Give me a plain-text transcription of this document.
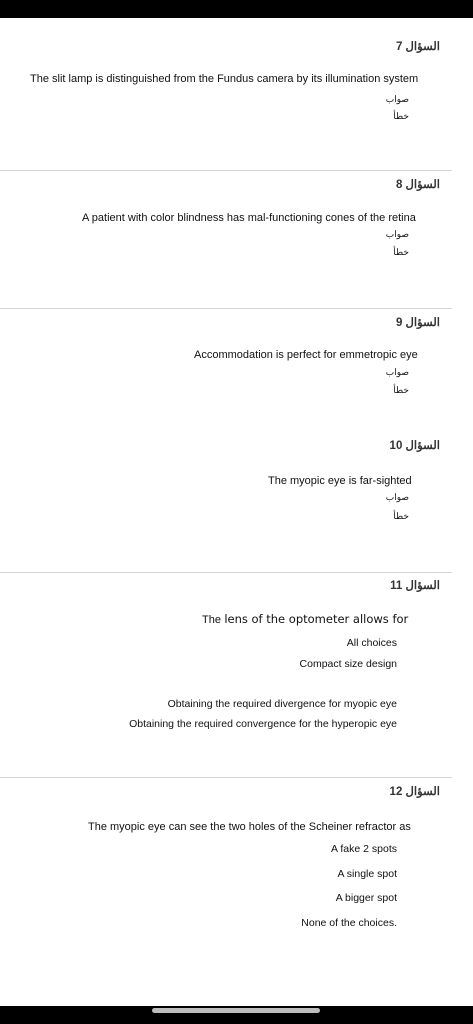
السؤال 7
The slit lamp is distinguished from the Fundus camera by its illumination system
صواب
خطأ
السؤال 8
A patient with color blindness has mal-functioning cones of the retina
صواب
خطأ
السؤال 9
Accommodation is perfect for emmetropic eye
صواب
خطأ
السؤال 10
The myopic eye is far-sighted
صواب
خطأ
السؤال 11
The lens of the optometer allows for
All choices
Compact size design
Obtaining the required divergence for myopic eye
Obtaining the required convergence for the hyperopic eye
السؤال 12
The myopic eye can see the two holes of the Scheiner refractor as
A fake 2 spots
A single spot
A bigger spot
None of the choices.
